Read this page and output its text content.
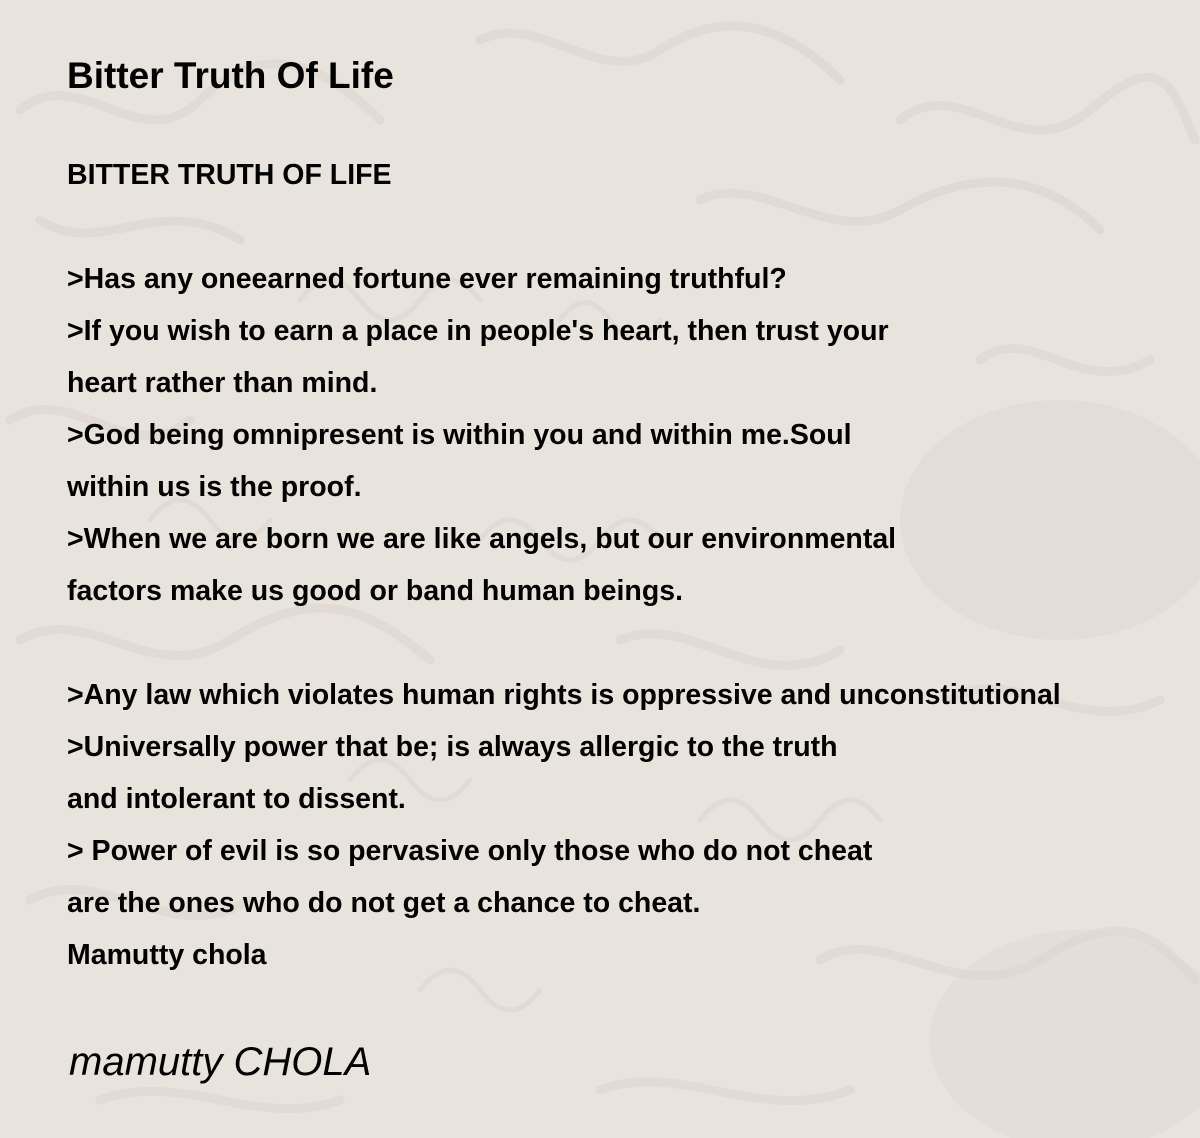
Bitter Truth Of Life
BITTER TRUTH OF LIFE
>Has any oneearned fortune ever remaining truthful?
>If you wish to earn a place in people's heart, then trust your
heart rather than mind.
>God being omnipresent is within you and within me.Soul
within us is the proof.
>When we are born we are like angels, but our environmental
factors make us good or band human beings.
>Any law which violates human rights is oppressive and unconstitutional
>Universally power that be; is always allergic to the truth
and intolerant to dissent.
> Power of evil is so pervasive only those who do not cheat
are the ones who do not get a chance to cheat.
Mamutty chola

mamutty CHOLA
